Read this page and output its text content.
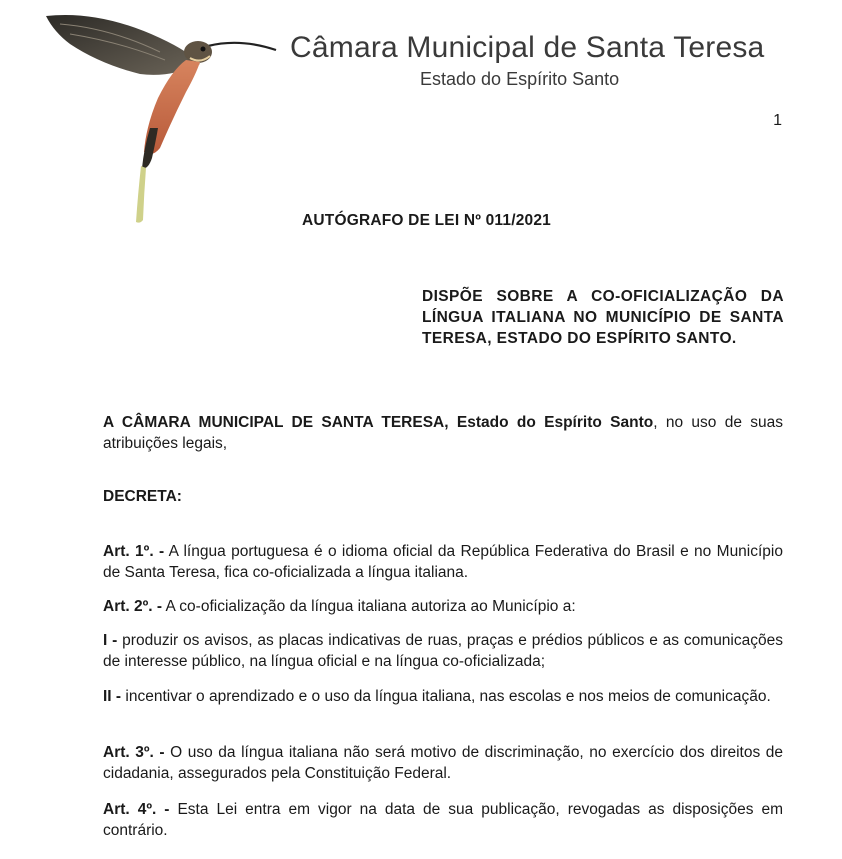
Câmara Municipal de Santa Teresa
Estado do Espírito Santo
1
AUTÓGRAFO DE LEI Nº 011/2021
DISPÕE SOBRE A CO-OFICIALIZAÇÃO DA LÍNGUA ITALIANA NO MUNICÍPIO DE SANTA TERESA, ESTADO DO ESPÍRITO SANTO.
A CÂMARA MUNICIPAL DE SANTA TERESA, Estado do Espírito Santo, no uso de suas atribuições legais,
DECRETA:
Art. 1º. - A língua portuguesa é o idioma oficial da República Federativa do Brasil e no Município de Santa Teresa, fica co-oficializada a língua italiana.
Art. 2º. - A co-oficialização da língua italiana autoriza ao Município a:
I - produzir os avisos, as placas indicativas de ruas, praças e prédios públicos e as comunicações de interesse público, na língua oficial e na língua co-oficializada;
II - incentivar o aprendizado e o uso da língua italiana, nas escolas e nos meios de comunicação.
Art. 3º. - O uso da língua italiana não será motivo de discriminação, no exercício dos direitos de cidadania, assegurados pela Constituição Federal.
Art. 4º. - Esta Lei entra em vigor na data de sua publicação, revogadas as disposições em contrário.
